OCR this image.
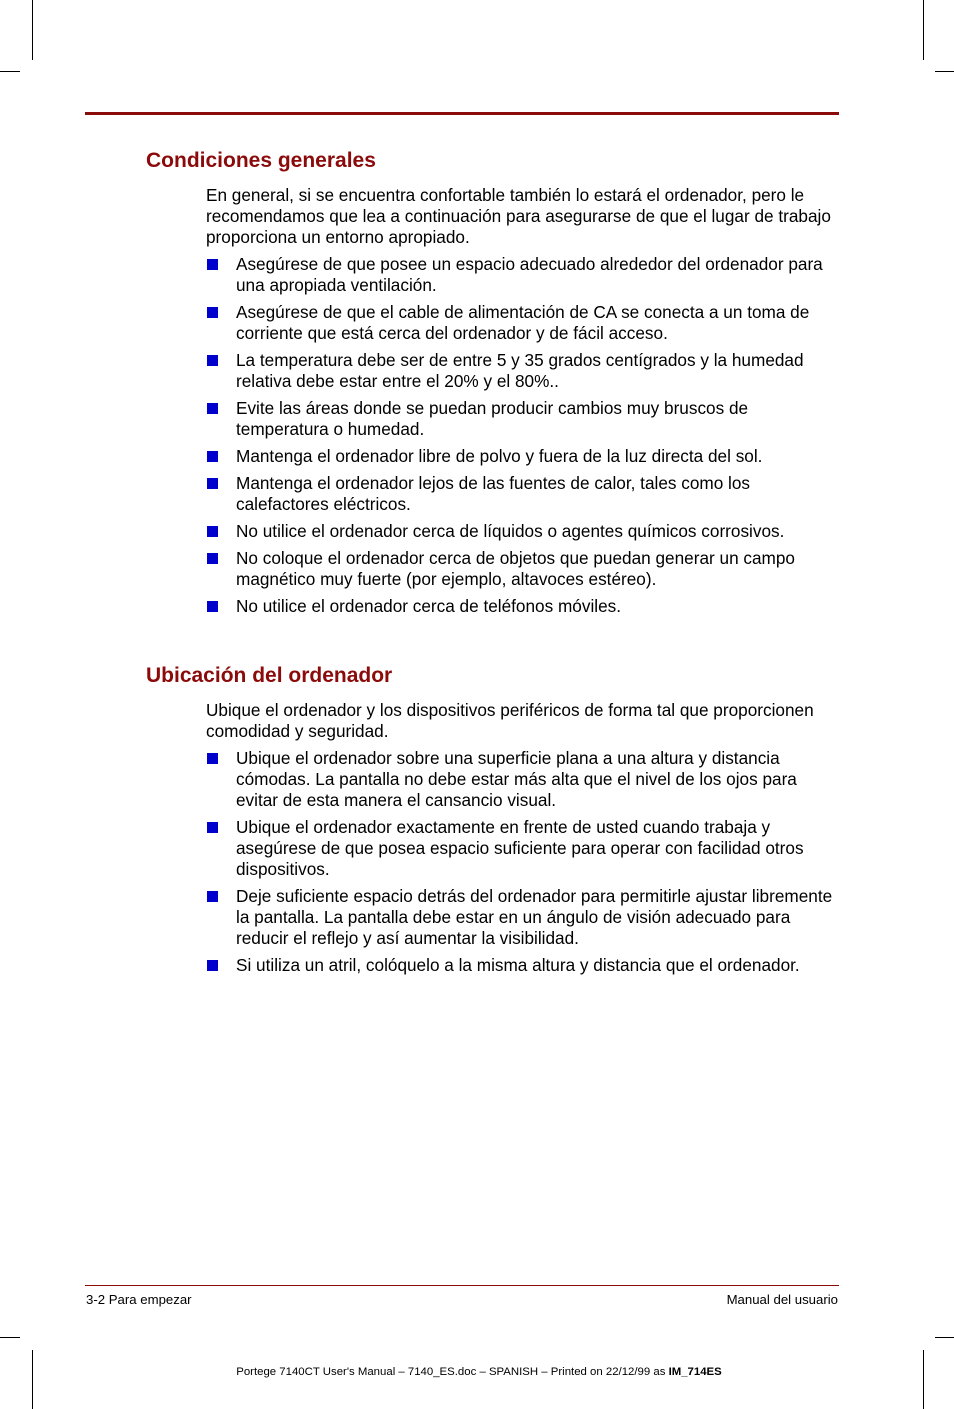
Condiciones generales

En general, si se encuentra confortable también lo estará el ordenador, pero le recomendamos que lea a continuación para asegurarse de que el lugar de trabajo proporciona un entorno apropiado.

Asegúrese de que posee un espacio adecuado alrededor del ordenador para una apropiada ventilación.
Asegúrese de que el cable de alimentación de CA se conecta a un toma de corriente que está cerca del ordenador y de fácil acceso.
La temperatura debe ser de entre 5 y 35 grados centígrados y la humedad relativa debe estar entre el 20% y el 80%..
Evite las áreas donde se puedan producir cambios muy bruscos de temperatura o humedad.
Mantenga el ordenador libre de polvo y fuera de la luz directa del sol.
Mantenga el ordenador lejos de las fuentes de calor, tales como los calefactores eléctricos.
No utilice el ordenador cerca de líquidos o agentes químicos corrosivos.
No coloque el ordenador cerca de objetos que puedan generar un campo magnético muy fuerte (por ejemplo, altavoces estéreo).
No utilice el ordenador cerca de teléfonos móviles.
Ubicación del ordenador

Ubique el ordenador y los dispositivos periféricos de forma tal que proporcionen comodidad y seguridad.

Ubique el ordenador sobre una superficie plana a una altura y distancia cómodas. La pantalla no debe estar más alta que el nivel de los ojos para evitar de esta manera el cansancio visual.
Ubique el ordenador exactamente en frente de usted cuando trabaja y asegúrese de que posea espacio suficiente para operar con facilidad otros dispositivos.
Deje suficiente espacio detrás del ordenador para permitirle ajustar libremente la pantalla. La pantalla debe estar en un ángulo de visión adecuado para reducir el reflejo y así aumentar la visibilidad.
Si utiliza un atril, colóquelo a la misma altura y distancia que el ordenador.
3-2 Para empezar	Manual del usuario
Portege 7140CT User's Manual – 7140_ES.doc – SPANISH – Printed on 22/12/99 as IM_714ES
